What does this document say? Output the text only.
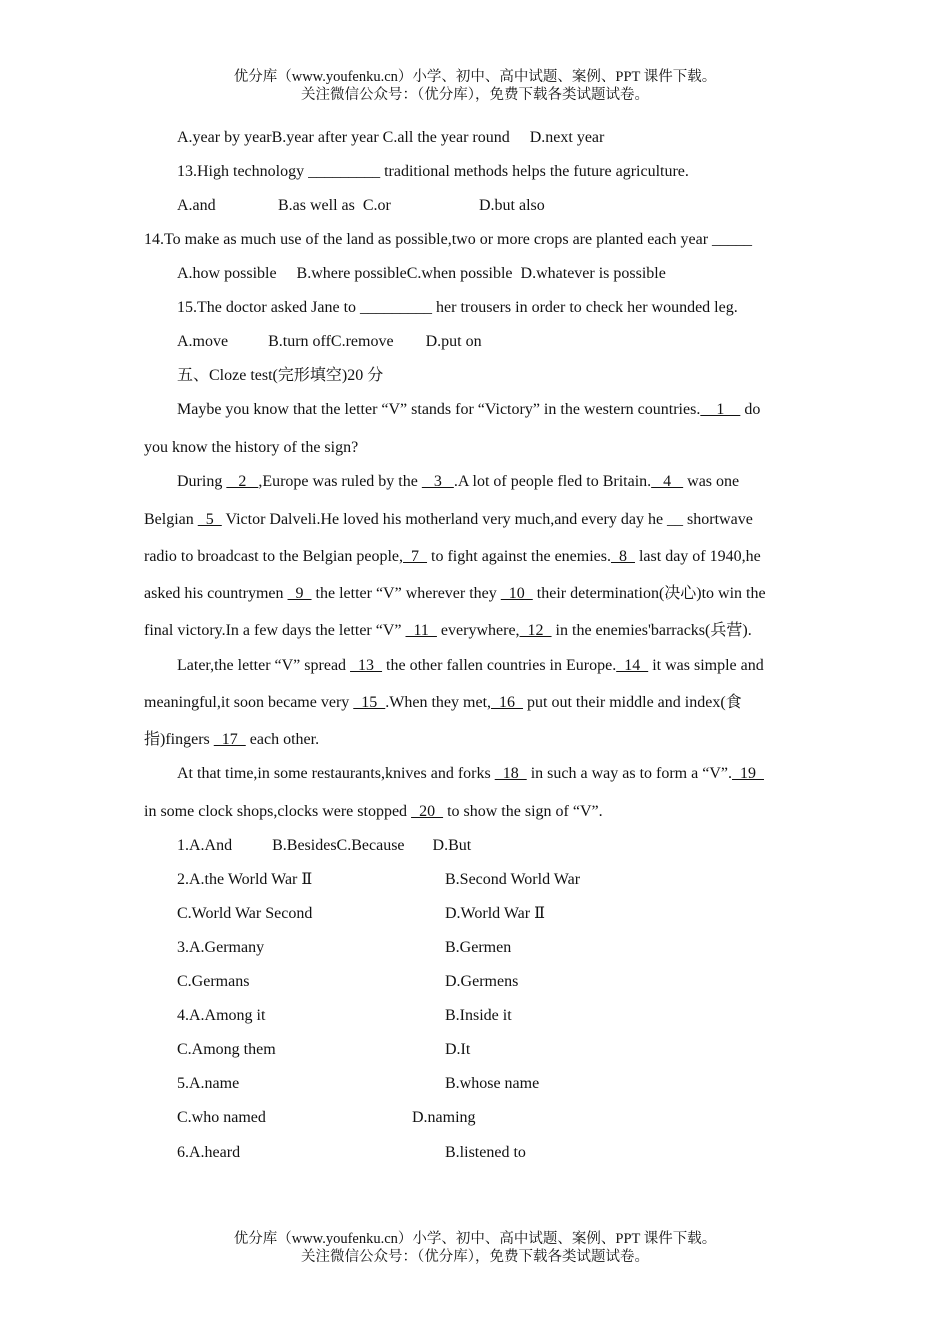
优分库（www.youfenku.cn）小学、初中、高中试题、案例、PPT 课件下载。
关注微信公众号：（优分库），免费下载各类试题试卷。
A.year by yearB.year after year C.all the year round     D.next year
13.High technology _________ traditional methods helps the future agriculture.
A.and	B.as well as  C.or	D.but also
14.To make as much use of the land as possible,two or more crops are planted each year _____
A.how possible     B.where possibleC.when possible  D.whatever is possible
15.The doctor asked Jane to _________ her trousers in order to check her wounded leg.
A.move          B.turn offC.remove        D.put on
五、Cloze test(完形填空)20 分
Maybe you know that the letter “V” stands for “Victory” in the western countries.    1     do
you know the history of the sign?
During    2   ,Europe was ruled by the    3   .A lot of people fled to Britain.   4    was one
Belgian   5   Victor Dalveli.He loved his motherland very much,and every day he __ shortwave
radio to broadcast to the Belgian people,  7   to fight against the enemies.  8   last day of 1940,he
asked his countrymen   9   the letter “V” wherever they   10   their determination(决心)to win the
final victory.In a few days the letter “V”   11   everywhere,  12   in the enemies'barracks(兵营).
Later,the letter “V” spread   13   the other fallen countries in Europe.  14   it was simple and
meaningful,it soon became very   15  .When they met,  16   put out their middle and index(食
指)fingers   17   each other.
At that time,in some restaurants,knives and forks   18   in such a way as to form a “V”.  19
in some clock shops,clocks were stopped   20   to show the sign of “V”.
1.A.And          B.BesidesC.Because       D.But
2.A.the World War Ⅱ	B.Second World War
C.World War Second	D.World War Ⅱ
3.A.Germany	B.Germen
C.Germans	D.Germens
4.A.Among it	B.Inside it
C.Among them	D.It
5.A.name	B.whose name
C.who named	D.naming
6.A.heard	B.listened to
优分库（www.youfenku.cn）小学、初中、高中试题、案例、PPT 课件下载。
关注微信公众号：（优分库），免费下载各类试题试卷。
